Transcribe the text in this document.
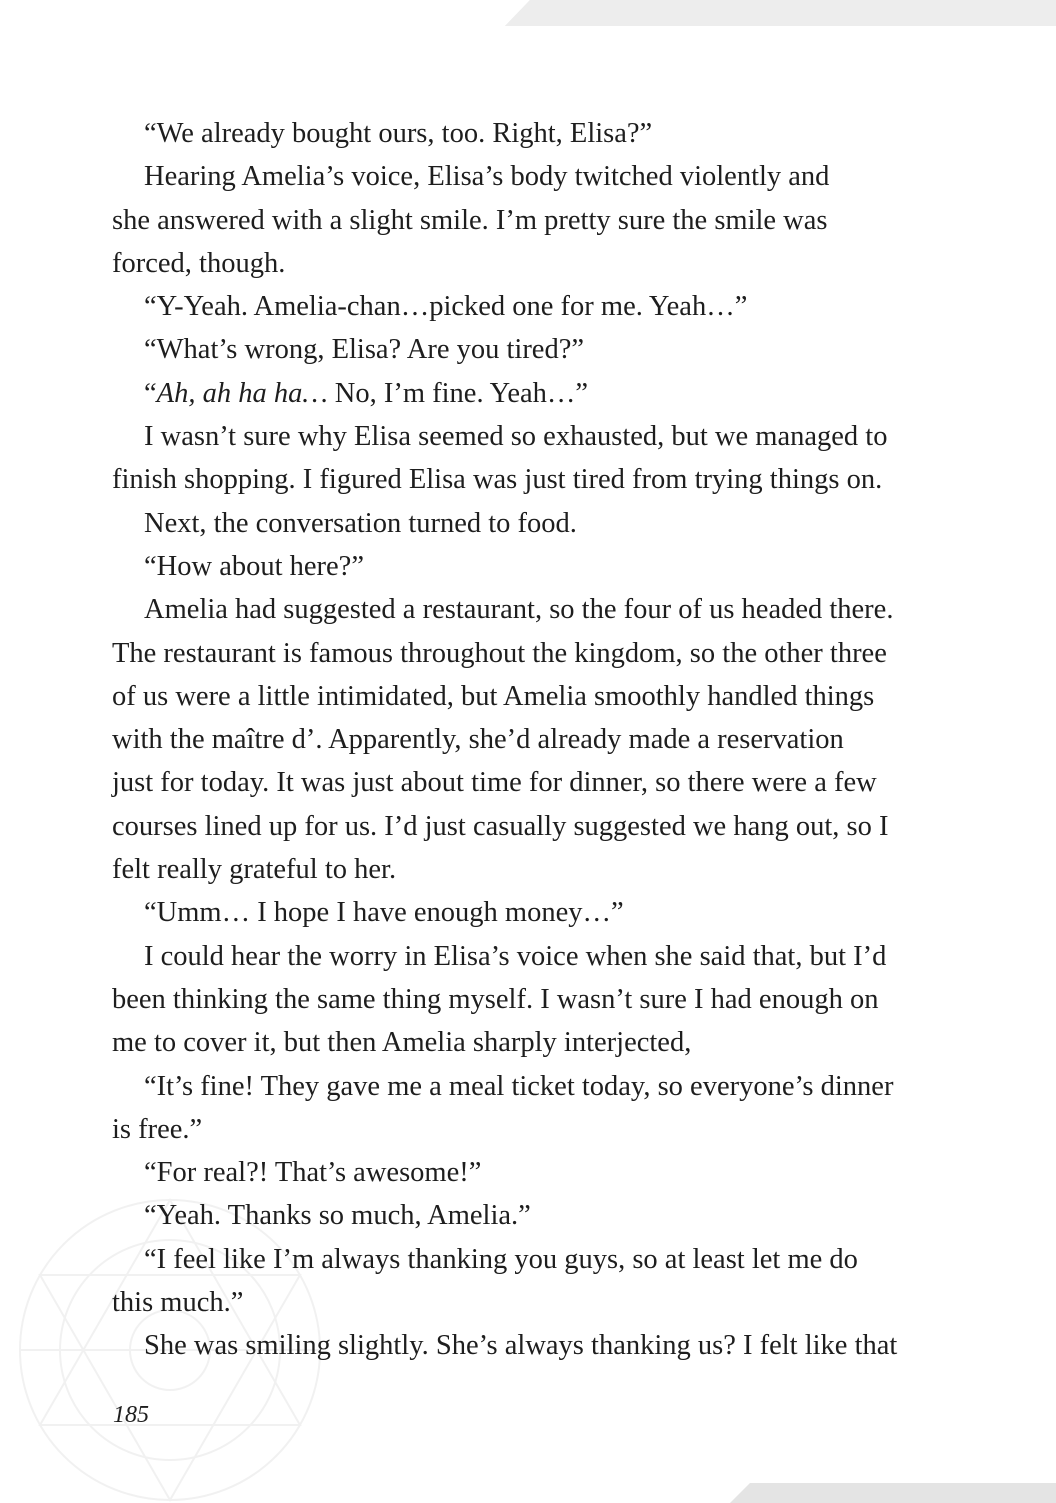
“We already bought ours, too. Right, Elisa?”

Hearing Amelia’s voice, Elisa’s body twitched violently and

she answered with a slight smile. I’m pretty sure the smile was

forced, though.

“Y-Yeah. Amelia-chan…picked one for me. Yeah…”

“What’s wrong, Elisa? Are you tired?”

“Ah, ah ha ha… No, I’m fine. Yeah…”

I wasn’t sure why Elisa seemed so exhausted, but we managed to

finish shopping. I figured Elisa was just tired from trying things on.

Next, the conversation turned to food.

“How about here?”

Amelia had suggested a restaurant, so the four of us headed there.

The restaurant is famous throughout the kingdom, so the other three

of us were a little intimidated, but Amelia smoothly handled things

with the maître d’. Apparently, she’d already made a reservation

just for today. It was just about time for dinner, so there were a few

courses lined up for us. I’d just casually suggested we hang out, so I

felt really grateful to her.

“Umm… I hope I have enough money…”

I could hear the worry in Elisa’s voice when she said that, but I’d

been thinking the same thing myself. I wasn’t sure I had enough on

me to cover it, but then Amelia sharply interjected,

“It’s fine! They gave me a meal ticket today, so everyone’s dinner

is free.”

“For real?! That’s awesome!”

“Yeah. Thanks so much, Amelia.”

“I feel like I’m always thanking you guys, so at least let me do

this much.”

She was smiling slightly. She’s always thanking us? I felt like that

185
